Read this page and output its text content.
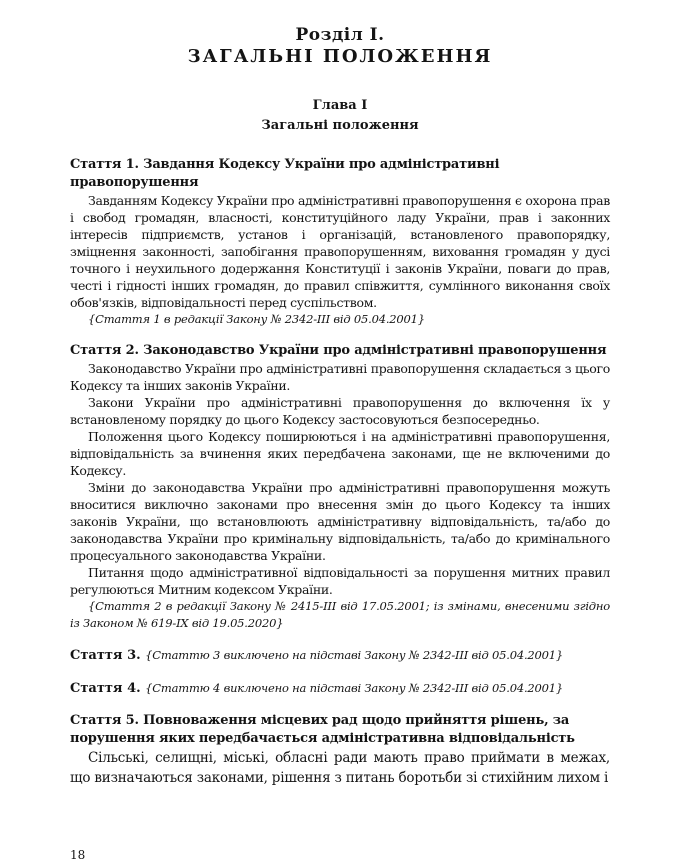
Розділ I.
ЗАГАЛЬНІ ПОЛОЖЕННЯ
Глава I
Загальні положення
Стаття 1. Завдання Кодексу України про адміністративні правопорушення

Завданням Кодексу України про адміністративні правопорушення є охорона прав і свобод громадян, власності, конституційного ладу України, прав і законних інтересів підприємств, установ і організацій, встановленого правопорядку, зміцнення законності, запобігання правопорушенням, виховання громадян у дусі точного і неухильного додержання Конституції і законів України, поваги до прав, честі і гідності інших громадян, до правил співжиття, сумлінного виконання своїх обов'язків, відповідальності перед суспільством.

{Стаття 1 в редакції Закону № 2342-III від 05.04.2001}

Стаття 2. Законодавство України про адміністративні правопорушення

Законодавство України про адміністративні правопорушення складається з цього Кодексу та інших законів України.

Закони України про адміністративні правопорушення до включення їх у встановленому порядку до цього Кодексу застосовуються безпосередньо.

Положення цього Кодексу поширюються і на адміністративні правопорушення, відповідальність за вчинення яких передбачена законами, ще не включеними до Кодексу.

Зміни до законодавства України про адміністративні правопорушення можуть вноситися виключно законами про внесення змін до цього Кодексу та інших законів України, що встановлюють адміністративну відповідальність, та/або до законодавства України про кримінальну відповідальність, та/або до кримінального процесуального законодавства України.

Питання щодо адміністративної відповідальності за порушення митних правил регулюються Митним кодексом України.

{Стаття 2 в редакції Закону № 2415-III від 17.05.2001; із змінами, внесеними згідно із Законом № 619-IX від 19.05.2020}

Стаття 3. {Статтю 3 виключено на підставі Закону № 2342-III від 05.04.2001}
Стаття 4. {Статтю 4 виключено на підставі Закону № 2342-III від 05.04.2001}
Стаття 5. Повноваження місцевих рад щодо прийняття рішень, за порушення яких передбачається адміністративна відповідальність

Сільські, селищні, міські, обласні ради мають право приймати в межах, що визначаються законами, рішення з питань боротьби зі стихійним лихом і

18
